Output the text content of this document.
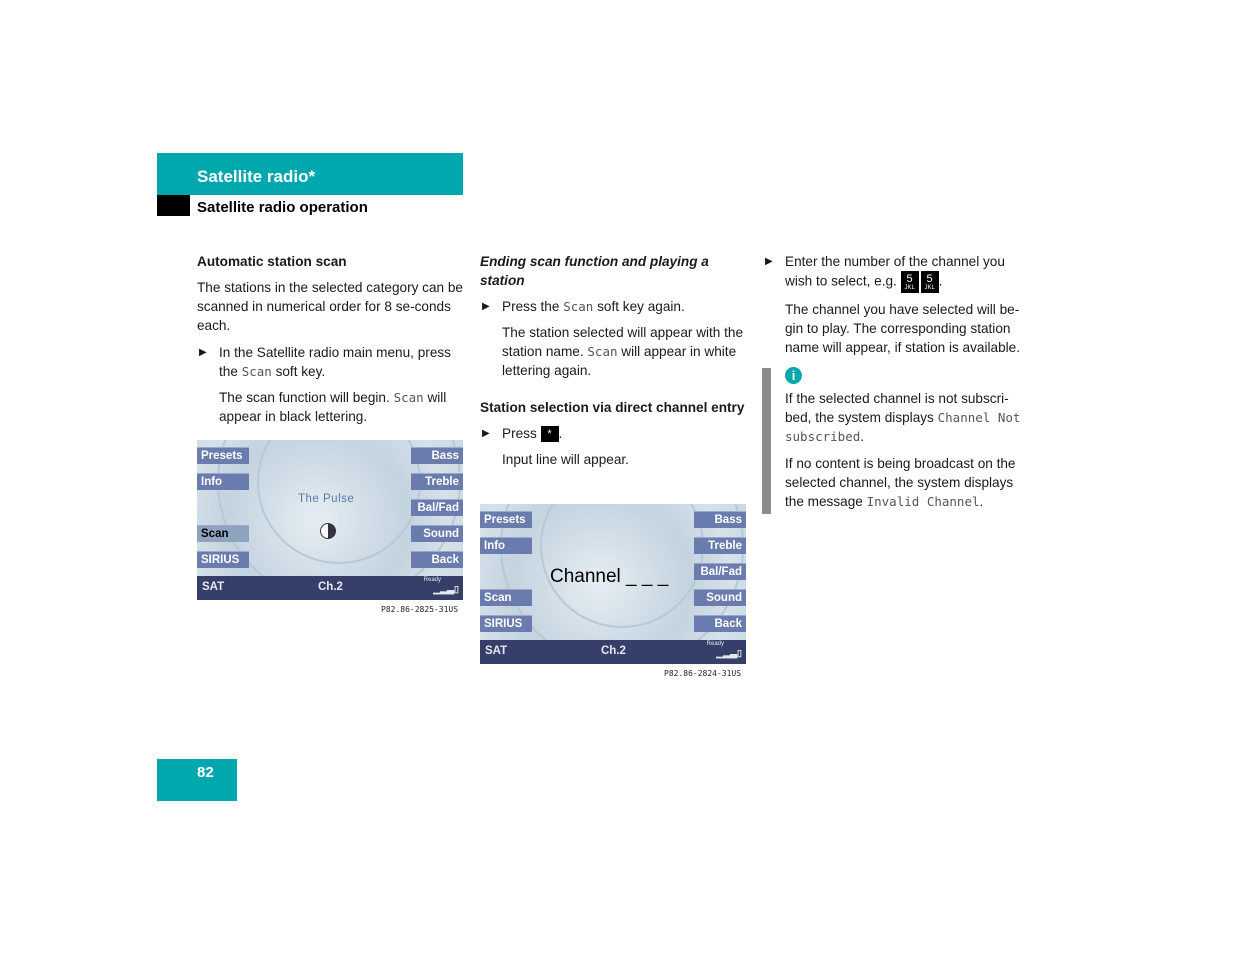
Satellite radio*
Satellite radio operation
Automatic station scan

The stations in the selected category can be scanned in numerical order for 8 se-conds each.

▶ In the Satellite radio main menu, press the Scan soft key.

The scan function will begin. Scan will appear in black lettering.

Presets
Info
Scan
SIRIUS
Bass
Treble
Bal/Fad
Sound
Back
The Pulse
SAT	Ch.2
Ready
▁▂▃▯
P82.86-2825-31US
Ending scan function and playing a station
▶ Press the Scan soft key again.

The station selected will appear with the station name. Scan will appear in white lettering again.

Station selection via direct channel entry
▶ Press * .

Input line will appear.

Presets
Info
Scan
SIRIUS
Bass
Treble
Bal/Fad
Sound
Back
Channel _ _ _
SAT	Ch.2
Ready
▁▂▃▯
P82.86-2824-31US
▶ Enter the number of the channel you wish to select, e.g. 5
JKL
5
JKL .

The channel you have selected will be-gin to play. The corresponding station name will appear, if station is available.

i

If the selected channel is not subscri-bed, the system displays Channel Not subscribed.

If no content is being broadcast on the selected channel, the system displays the message Invalid Channel.

82
